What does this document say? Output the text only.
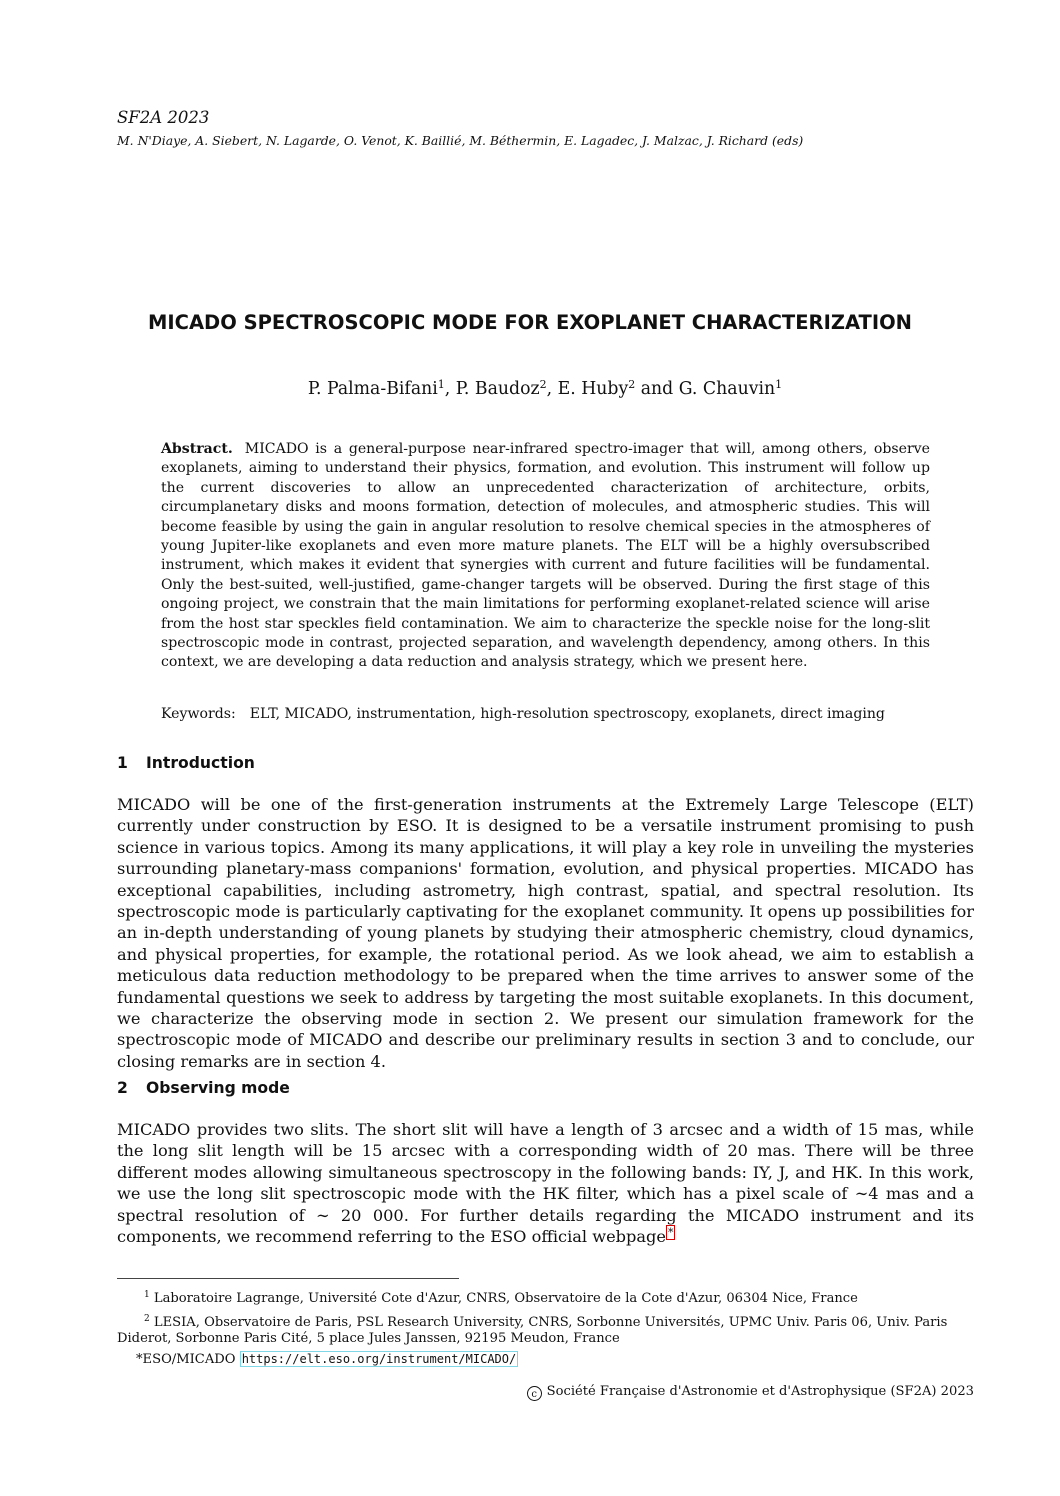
SF2A 2023
M. N'Diaye, A. Siebert, N. Lagarde, O. Venot, K. Baillié, M. Béthermin, E. Lagadec, J. Malzac, J. Richard (eds)
MICADO SPECTROSCOPIC MODE FOR EXOPLANET CHARACTERIZATION
P. Palma-Bifani$^1$, P. Baudoz$^2$, E. Huby$^2$ and G. Chauvin$^1$
Abstract. MICADO is a general-purpose near-infrared spectro-imager that will, among others, observe exoplanets, aiming to understand their physics, formation, and evolution. This instrument will follow up the current discoveries to allow an unprecedented characterization of architecture, orbits, circumplanetary disks and moons formation, detection of molecules, and atmospheric studies. This will become feasible by using the gain in angular resolution to resolve chemical species in the atmospheres of young Jupiter-like exoplanets and even more mature planets. The ELT will be a highly oversubscribed instrument, which makes it evident that synergies with current and future facilities will be fundamental. Only the best-suited, well-justified, game-changer targets will be observed. During the first stage of this ongoing project, we constrain that the main limitations for performing exoplanet-related science will arise from the host star speckles field contamination. We aim to characterize the speckle noise for the long-slit spectroscopic mode in contrast, projected separation, and wavelength dependency, among others. In this context, we are developing a data reduction and analysis strategy, which we present here.
Keywords: ELT, MICADO, instrumentation, high-resolution spectroscopy, exoplanets, direct imaging
1 Introduction
MICADO will be one of the first-generation instruments at the Extremely Large Telescope (ELT) currently under construction by ESO. It is designed to be a versatile instrument promising to push science in various topics. Among its many applications, it will play a key role in unveiling the mysteries surrounding planetary-mass companions' formation, evolution, and physical properties. MICADO has exceptional capabilities, including astrometry, high contrast, spatial, and spectral resolution. Its spectroscopic mode is particularly captivating for the exoplanet community. It opens up possibilities for an in-depth understanding of young planets by studying their atmospheric chemistry, cloud dynamics, and physical properties, for example, the rotational period. As we look ahead, we aim to establish a meticulous data reduction methodology to be prepared when the time arrives to answer some of the fundamental questions we seek to address by targeting the most suitable exoplanets. In this document, we characterize the observing mode in section 2. We present our simulation framework for the spectroscopic mode of MICADO and describe our preliminary results in section 3 and to conclude, our closing remarks are in section 4.
2 Observing mode
MICADO provides two slits. The short slit will have a length of 3 arcsec and a width of 15 mas, while the long slit length will be 15 arcsec with a corresponding width of 20 mas. There will be three different modes allowing simultaneous spectroscopy in the following bands: IY, J, and HK. In this work, we use the long slit spectroscopic mode with the HK filter, which has a pixel scale of ∼4 mas and a spectral resolution of ∼ 20 000. For further details regarding the MICADO instrument and its components, we recommend referring to the ESO official webpage *
$^1$ Laboratoire Lagrange, Université Cote d'Azur, CNRS, Observatoire de la Cote d'Azur, 06304 Nice, France
$^2$ LESIA, Observatoire de Paris, PSL Research University, CNRS, Sorbonne Universités, UPMC Univ. Paris 06, Univ. Paris Diderot, Sorbonne Paris Cité, 5 place Jules Janssen, 92195 Meudon, France
*ESO/MICADO https://elt.eso.org/instrument/MICADO/
c Société Française d'Astronomie et d'Astrophysique (SF2A) 2023
